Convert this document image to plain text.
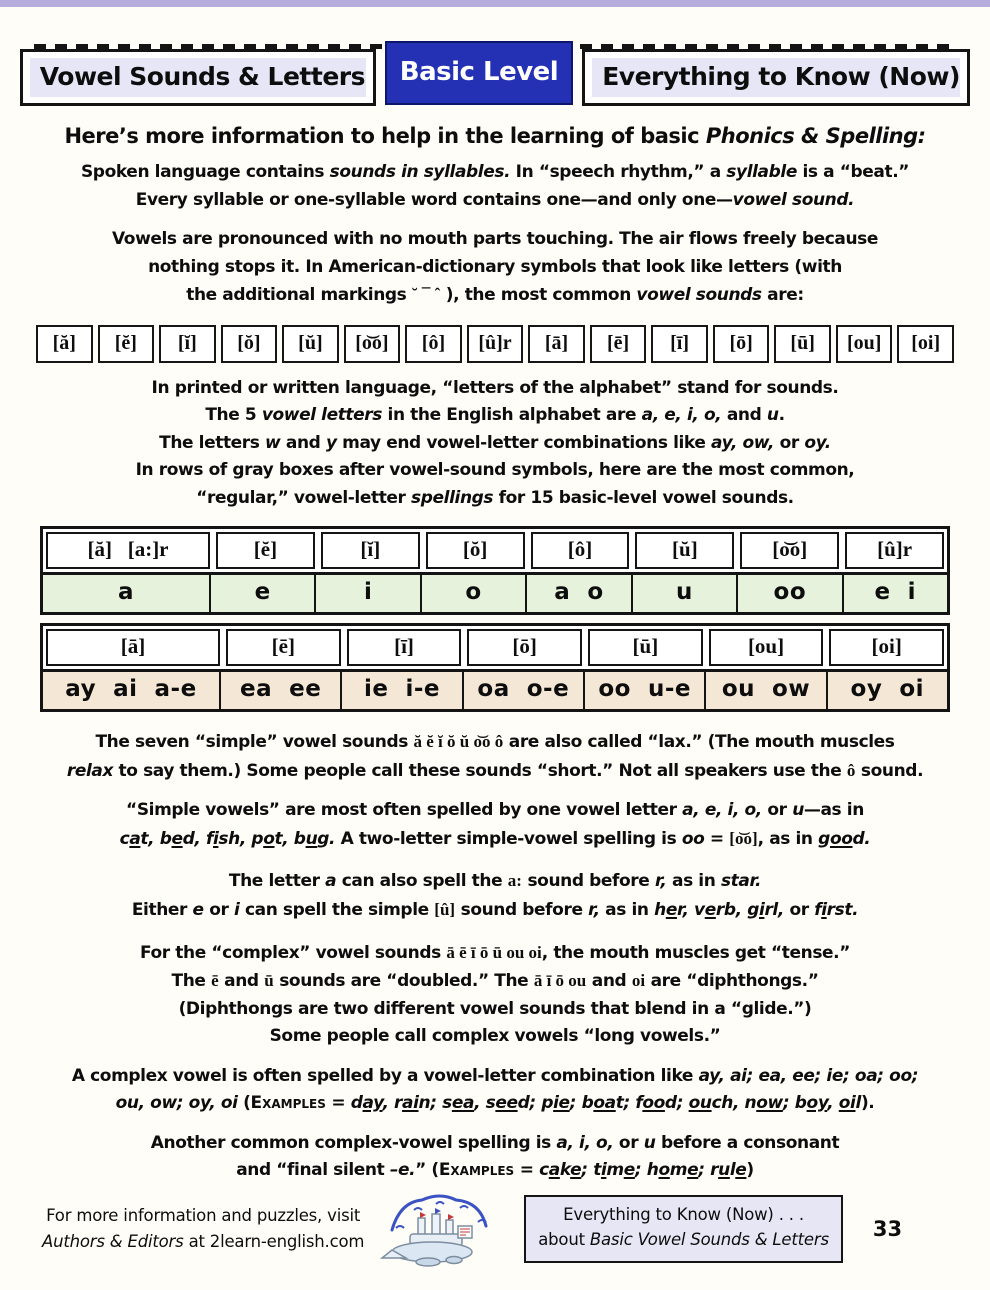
Vowel Sounds & Letters	Basic Level	Everything to Know (Now)
Here’s more information to help in the learning of basic Phonics & Spelling:
Spoken language contains sounds in syllables. In “speech rhythm,” a syllable is a “beat.”
Every syllable or one-syllable word contains one—and only one—vowel sound.
Vowels are pronounced with no mouth parts touching. The air flows freely because
nothing stops it. In American-dictionary symbols that look like letters (with
the additional markings ˘ ¯ ˆ ), the most common vowel sounds are:
[ă]	[ĕ]	[ĭ]	[ŏ]	[ŭ]	[o͝o]	[ô]	[û]r	[ā]	[ē]	[ī]	[ō]	[ū]	[ou]	[oi]
In printed or written language, “letters of the alphabet” stand for sounds.
The 5 vowel letters in the English alphabet are a, e, i, o, and u.
The letters w and y may end vowel-letter combinations like ay, ow, or oy.
In rows of gray boxes after vowel-sound symbols, here are the most common,
“regular,” vowel-letter spellings for 15 basic-level vowel sounds.
[ă]   [a:]r	[ĕ]	[ĭ]	[ŏ]	[ô]	[ŭ]	[o͝o]	[û]r
a	e	i	o	a  o	u	oo	e  i
[ā]	[ē]	[ī]	[ō]	[ū]	[ou]	[oi]
ay  ai  a-e	ea  ee	ie  i-e	oa  o-e	oo  u-e	ou  ow	oy  oi
The seven “simple” vowel sounds ă ĕ ĭ ŏ ŭ o͝o ô are also called “lax.” (The mouth muscles
relax to say them.) Some people call these sounds “short.” Not all speakers use the ô sound.
“Simple vowels” are most often spelled by one vowel letter a, e, i, o, or u—as in
cat, bed, fish, pot, bug. A two-letter simple-vowel spelling is oo = [o͝o], as in good.
The letter a can also spell the a: sound before r, as in star.
Either e or i can spell the simple [û] sound before r, as in her, verb, girl, or first.
For the “complex” vowel sounds ā ē ī ō ū ou oi, the mouth muscles get “tense.”
The ē and ū sounds are “doubled.” The ā ī ō ou and oi are “diphthongs.”
(Diphthongs are two different vowel sounds that blend in a “glide.”)
Some people call complex vowels “long vowels.”
A complex vowel is often spelled by a vowel-letter combination like ay, ai; ea, ee; ie; oa; oo;
ou, ow; oy, oi (Examples = day, rain; sea, seed; pie; boat; food; ouch, now; boy, oil).
Another common complex-vowel spelling is a, i, o, or u before a consonant
and “final silent –e.” (Examples = cake; time; home; rule)
For more information and puzzles, visit
Authors & Editors at 2learn-english.com
Everything to Know (Now) . . .
about Basic Vowel Sounds & Letters 33
